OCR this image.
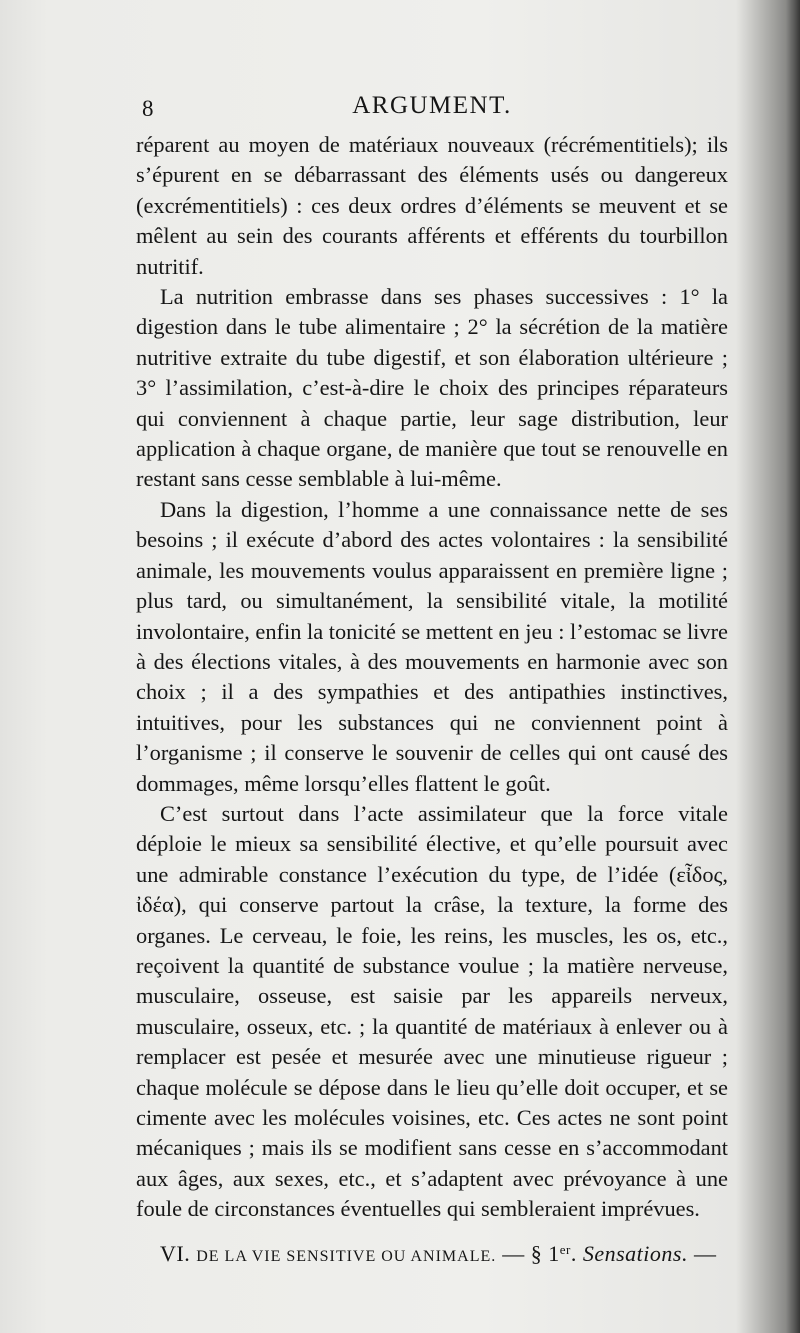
8	ARGUMENT.

réparent au moyen de matériaux nouveaux (récrémentitiels); ils s’épurent en se débarrassant des éléments usés ou dangereux (excrémentitiels) : ces deux ordres d’éléments se meuvent et se mêlent au sein des courants afférents et efférents du tourbillon nutritif.

La nutrition embrasse dans ses phases successives : 1° la digestion dans le tube alimentaire ; 2° la sécrétion de la matière nutritive extraite du tube digestif, et son élaboration ultérieure ; 3° l’assimilation, c’est-à-dire le choix des principes réparateurs qui conviennent à chaque partie, leur sage distribution, leur application à chaque organe, de manière que tout se renouvelle en restant sans cesse semblable à lui-même.

Dans la digestion, l’homme a une connaissance nette de ses besoins ; il exécute d’abord des actes volontaires : la sensibilité animale, les mouvements voulus apparaissent en première ligne ; plus tard, ou simultanément, la sensibilité vitale, la motilité involontaire, enfin la tonicité se mettent en jeu : l’estomac se livre à des élections vitales, à des mouvements en harmonie avec son choix ; il a des sympathies et des antipathies instinctives, intuitives, pour les substances qui ne conviennent point à l’organisme ; il conserve le souvenir de celles qui ont causé des dommages, même lorsqu’elles flattent le goût.

C’est surtout dans l’acte assimilateur que la force vitale déploie le mieux sa sensibilité élective, et qu’elle poursuit avec une admirable constance l’exécution du type, de l’idée (εἶδος, ἰδέα), qui conserve partout la crâse, la texture, la forme des organes. Le cerveau, le foie, les reins, les muscles, les os, etc., reçoivent la quantité de substance voulue ; la matière nerveuse, musculaire, osseuse, est saisie par les appareils nerveux, musculaire, osseux, etc. ; la quantité de matériaux à enlever ou à remplacer est pesée et mesurée avec une minutieuse rigueur ; chaque molécule se dépose dans le lieu qu’elle doit occuper, et se cimente avec les molécules voisines, etc. Ces actes ne sont point mécaniques ; mais ils se modifient sans cesse en s’accommodant aux âges, aux sexes, etc., et s’adaptent avec prévoyance à une foule de circonstances éventuelles qui sembleraient imprévues.

VI. DE LA VIE SENSITIVE OU ANIMALE. — § 1er. Sensations. —
